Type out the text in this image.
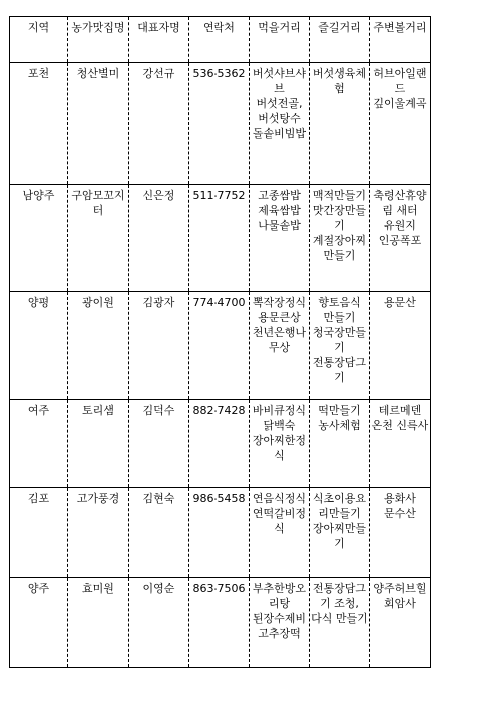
지역	농가맛집명	대표자명	연락처	먹을거리	즐길거리	주변볼거리

포천	청산별미	강선규	536-5362	버섯샤브샤브 버섯전골, 버섯탕수 돌솥비빔밥	버섯생육체험	허브아일랜드 깊이울계곡

남양주	구암모꼬지터	신은정	511-7752	고종쌈밥 제육쌈밥 나물솥밥	맥적만들기 맛간장만들기 계절장아찌만들기	축령산휴양림 새터 유원지 인공폭포

양평	광이원	김광자	774-4700	뽁작장정식 용문큰상 천년은행나무상	향토음식 만들기 청국장만들기 전통장담그기	용문산

여주	토리샘	김덕수	882-7428	바비큐정식 닭백숙 장아찌한정식	떡만들기 농사체험	테르메덴 온천 신륵사

김포	고가풍경	김현숙	986-5458	연음식정식 연떡갈비정식	식초이용요리만들기 장아찌만들기	용화사 문수산

양주	효미원	이영순	863-7506	부추한방오리탕 된장수제비고추장떡	전통장담그기 조청,다식 만들기	양주허브힐 회암사
